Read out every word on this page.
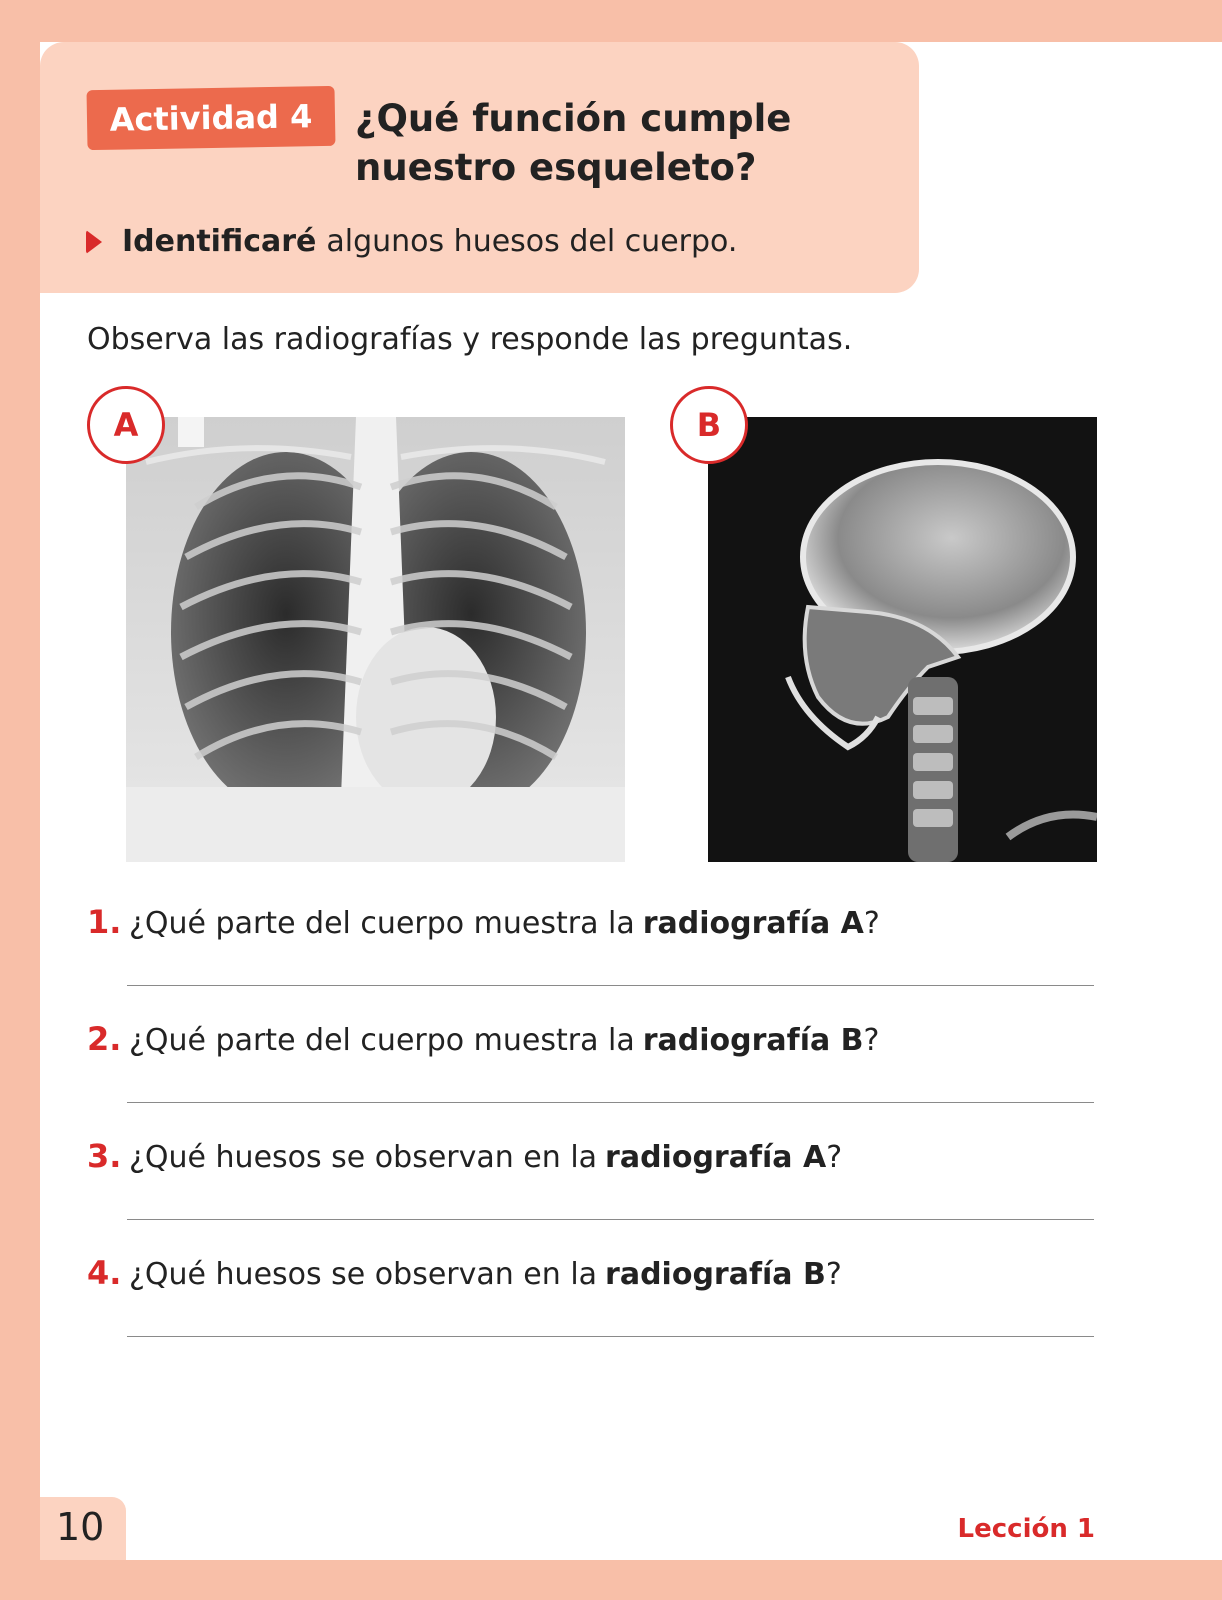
Actividad 4	¿Qué función cumple nuestro esqueleto?
Identificaré algunos huesos del cuerpo.
Observa las radiografías y responde las preguntas.
A	B
1. ¿Qué parte del cuerpo muestra la radiografía A ?
2. ¿Qué parte del cuerpo muestra la radiografía B ?
3. ¿Qué huesos se observan en la radiografía A ?
4. ¿Qué huesos se observan en la radiografía B ?
10	Lección 1
